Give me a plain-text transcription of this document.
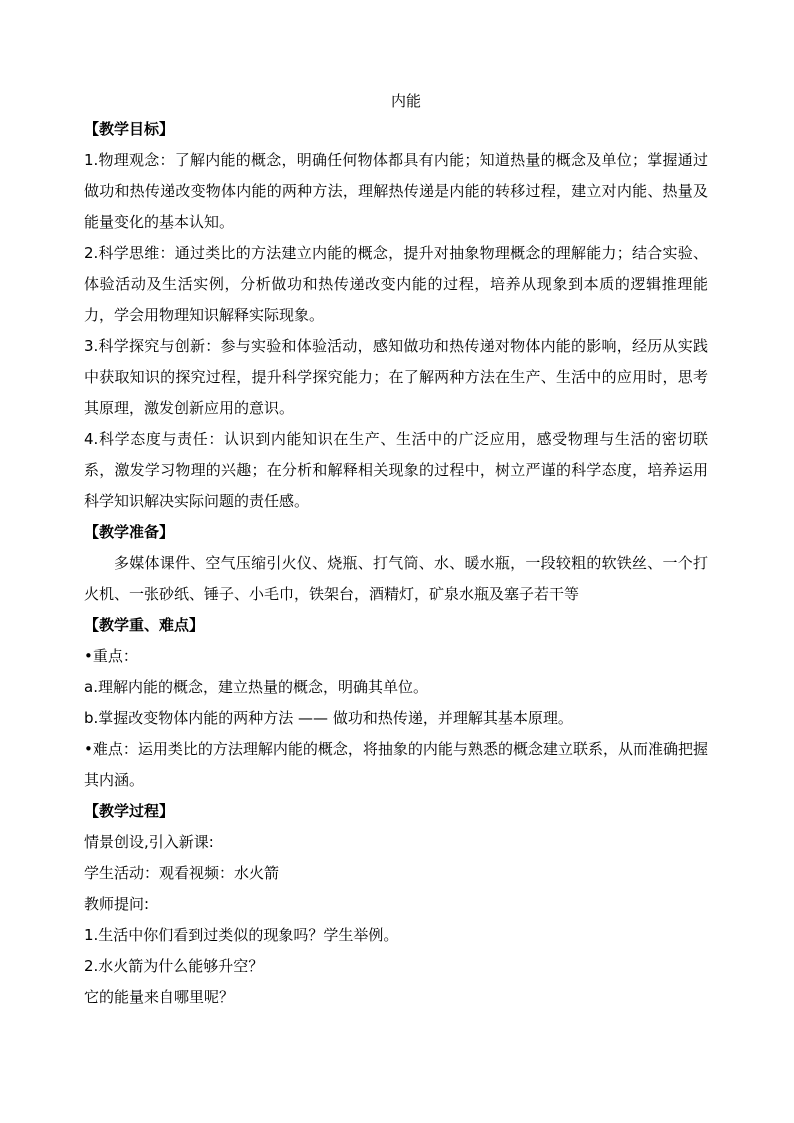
内能
【教学目标】

1.物理观念：了解内能的概念，明确任何物体都具有内能；知道热量的概念及单位；掌握通过做功和热传递改变物体内能的两种方法，理解热传递是内能的转移过程，建立对内能、热量及能量变化的基本认知。

2.科学思维：通过类比的方法建立内能的概念，提升对抽象物理概念的理解能力；结合实验、体验活动及生活实例，分析做功和热传递改变内能的过程，培养从现象到本质的逻辑推理能力，学会用物理知识解释实际现象。

3.科学探究与创新：参与实验和体验活动，感知做功和热传递对物体内能的影响，经历从实践中获取知识的探究过程，提升科学探究能力；在了解两种方法在生产、生活中的应用时，思考其原理，激发创新应用的意识。

4.科学态度与责任：认识到内能知识在生产、生活中的广泛应用，感受物理与生活的密切联系，激发学习物理的兴趣；在分析和解释相关现象的过程中，树立严谨的科学态度，培养运用科学知识解决实际问题的责任感。

【教学准备】

多媒体课件、空气压缩引火仪、烧瓶、打气筒、水、暖水瓶，一段较粗的软铁丝、一个打火机、一张砂纸、锤子、小毛巾，铁架台，酒精灯，矿泉水瓶及塞子若干等

【教学重、难点】

•重点：

a.理解内能的概念，建立热量的概念，明确其单位。

b.掌握改变物体内能的两种方法 —— 做功和热传递，并理解其基本原理。

•难点：运用类比的方法理解内能的概念，将抽象的内能与熟悉的概念建立联系，从而准确把握其内涵。

【教学过程】

情景创设,引入新课:

学生活动：观看视频：水火箭

教师提问:

1.生活中你们看到过类似的现象吗？学生举例。

2.水火箭为什么能够升空？

它的能量来自哪里呢？
